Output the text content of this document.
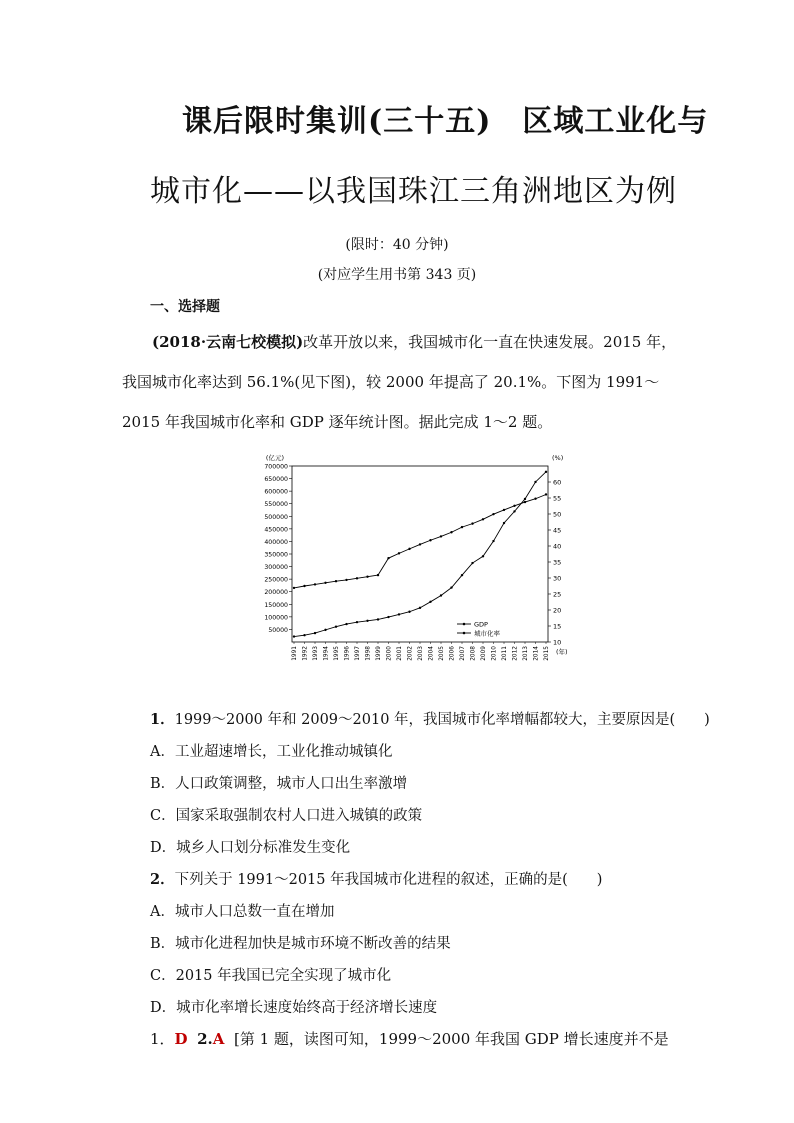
课后限时集训(三十五)　区域工业化与
城市化——以我国珠江三角洲地区为例
(限时：40 分钟)
(对应学生用书第 343 页)
一、选择题
(2018·云南七校模拟)改革开放以来，我国城市化一直在快速发展。2015 年，我国城市化率达到 56.1%(见下图)，较 2000 年提高了 20.1%。下图为 1991～2015 年我国城市化率和 GDP 逐年统计图。据此完成 1～2 题。
700000
650000
600000
550000
500000
450000
400000
350000
300000
250000
200000
150000
100000
50000
60
55
50
45
40
35
30
25
20
15
10
1991 1992 1993 1994 1995 1996 1997 1998 1999 2000 2001 2002 2003 2004 2005 2006 2007 2008 2009 2010 2011 2012 2013 2014 2015
(亿元)	(%)
(年)
GDP
城市化率
1．1999～2000 年和 2009～2010 年，我国城市化率增幅都较大，主要原因是(　　)
A．工业超速增长，工业化推动城镇化
B．人口政策调整，城市人口出生率激增
C．国家采取强制农村人口进入城镇的政策
D．城乡人口划分标准发生变化
2．下列关于 1991～2015 年我国城市化进程的叙述，正确的是(　　)
A．城市人口总数一直在增加
B．城市化进程加快是城市环境不断改善的结果
C．2015 年我国已完全实现了城市化
D．城市化率增长速度始终高于经济增长速度
1．D 2.A [第 1 题，读图可知，1999～2000 年我国 GDP 增长速度并不是
